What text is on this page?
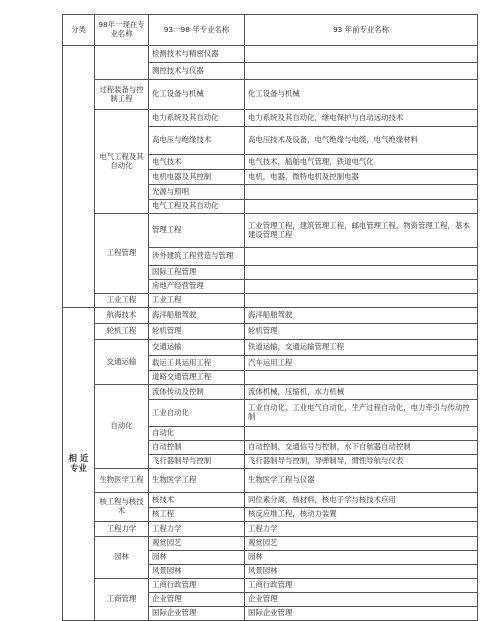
分类	98年一现在专业名称	93一98 年专业名称	93 年前专业名称
		检测技术与精密仪器	
		测控技术与仪器	
	过程装备与控制工程	化工设备与机械	化工设备与机械
	电气工程及其自动化	电力系统及其自动化	电力系统及其自动化，继电保护与自动远动技术
		高电压与绝缘技术	高电压技术及设备，电气绝缘与电缆，电气绝缘材料
		电气技术	电气技术，船舶电气管理，铁道电气化
		电机电器及其控制	电机，电器，微特电机及控制电器
		光源与照明	
		电气工程及其自动化	
	工程管理	管理工程	工业管理工程，建筑管理工程，邮电管理工程，物资管理工程，基本建设管理工程
		涉外建筑工程营造与管理	
		国际工程管理	
		房地产经营管理	
	工业工程	工业工程	

相 近
专业	航海技术	海洋船舶驾驶	海洋船舶驾驶
	轮机工程	轮机管理	轮机管理
	交通运输	交通运输	铁道运输，交通运输管理工程
		载运工具运用工程	汽车运用工程
		道路交通管理工程	
	自动化	流体传动及控制	流体机械，压缩机，水力机械
		工业自动化	工业自动化，工业电气自动化，生产过程自动化，电力牵引与传动控制
		自动化	
		自动控制	自动控制，交通信号与控制，水下自航器自动控制
		飞行器制导与控制	飞行器制导与控制，导弹制导，惯性导航与仪表
	生物医学工程	生物医学工程	生物医学工程与仪器
	核工程与核技术	核技术	同位素分离，核材料，核电子学与核技术应用
		核工程	核反应堆工程，核动力装置
	工程力学	工程力学	工程力学
	园林	观赏园艺	观赏园艺
		园林	园林
		风景园林	风景园林
	工商管理	工商行政管理	工商行政管理
		企业管理	企业管理
		国际企业管理	国际企业管理
